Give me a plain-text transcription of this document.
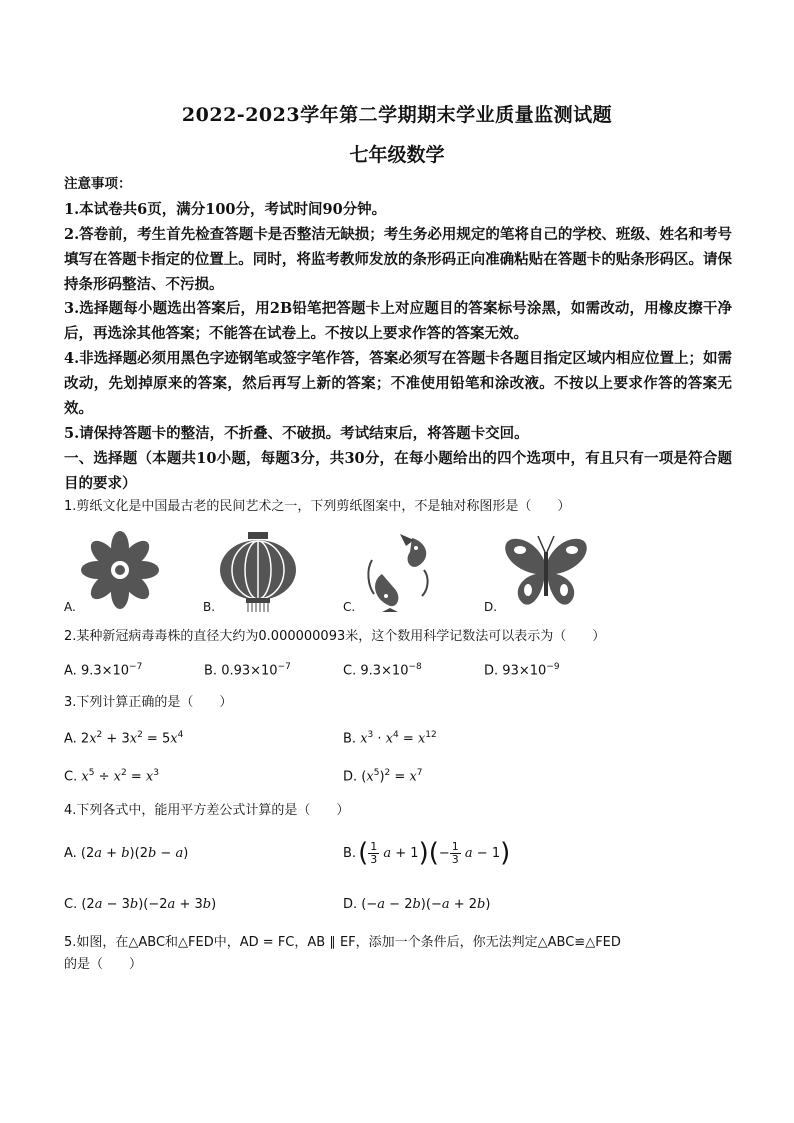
2022-2023学年第二学期期末学业质量监测试题
七年级数学
注意事项：
1.本试卷共6页，满分100分，考试时间90分钟。
2.答卷前，考生首先检查答题卡是否整洁无缺损；考生务必用规定的笔将自己的学校、班级、姓名和考号填写在答题卡指定的位置上。同时，将监考教师发放的条形码正向准确粘贴在答题卡的贴条形码区。请保持条形码整洁、不污损。
3.选择题每小题选出答案后，用2B铅笔把答题卡上对应题目的答案标号涂黑，如需改动，用橡皮擦干净后，再选涂其他答案；不能答在试卷上。不按以上要求作答的答案无效。
4.非选择题必须用黑色字迹钢笔或签字笔作答，答案必须写在答题卡各题目指定区域内相应位置上；如需改动，先划掉原来的答案，然后再写上新的答案；不准使用铅笔和涂改液。不按以上要求作答的答案无效。
5.请保持答题卡的整洁，不折叠、不破损。考试结束后，将答题卡交回。
一、选择题（本题共10小题，每题3分，共30分，在每小题给出的四个选项中，有且只有一项是符合题目的要求）
1.剪纸文化是中国最古老的民间艺术之一，下列剪纸图案中，不是轴对称图形是（　　）
A.	B.	C.	D.
2.某种新冠病毒毒株的直径大约为0.000000093米，这个数用科学记数法可以表示为（　　）
A. $9.3\times 10^{-7}$	B. $0.93\times 10^{-7}$	C. $9.3\times 10^{-8}$	D. $93\times 10^{-9}$
3.下列计算正确的是（　　）
A. $2x^2 + 3x^2 = 5x^4$	B. $x^3 \cdot x^4 = x^{12}$
C. $x^5 \div x^2 = x^3$	D. $(x^5)^2 = x^7$
4.下列各式中，能用平方差公式计算的是（　　）
A. (2a + b)(2b − a)	B. ( 1
3 a + 1 )( − $\frac{1}{3}$ a − 1 )
C. (2a − 3b)(−2a + 3b)	D. (−a − 2b)(−a + 2b)
5.如图，在△ABC和△FED中，AD = FC，AB ∥ EF，添加一个条件后，你无法判定△ABC≌△FED
的是（　　）
